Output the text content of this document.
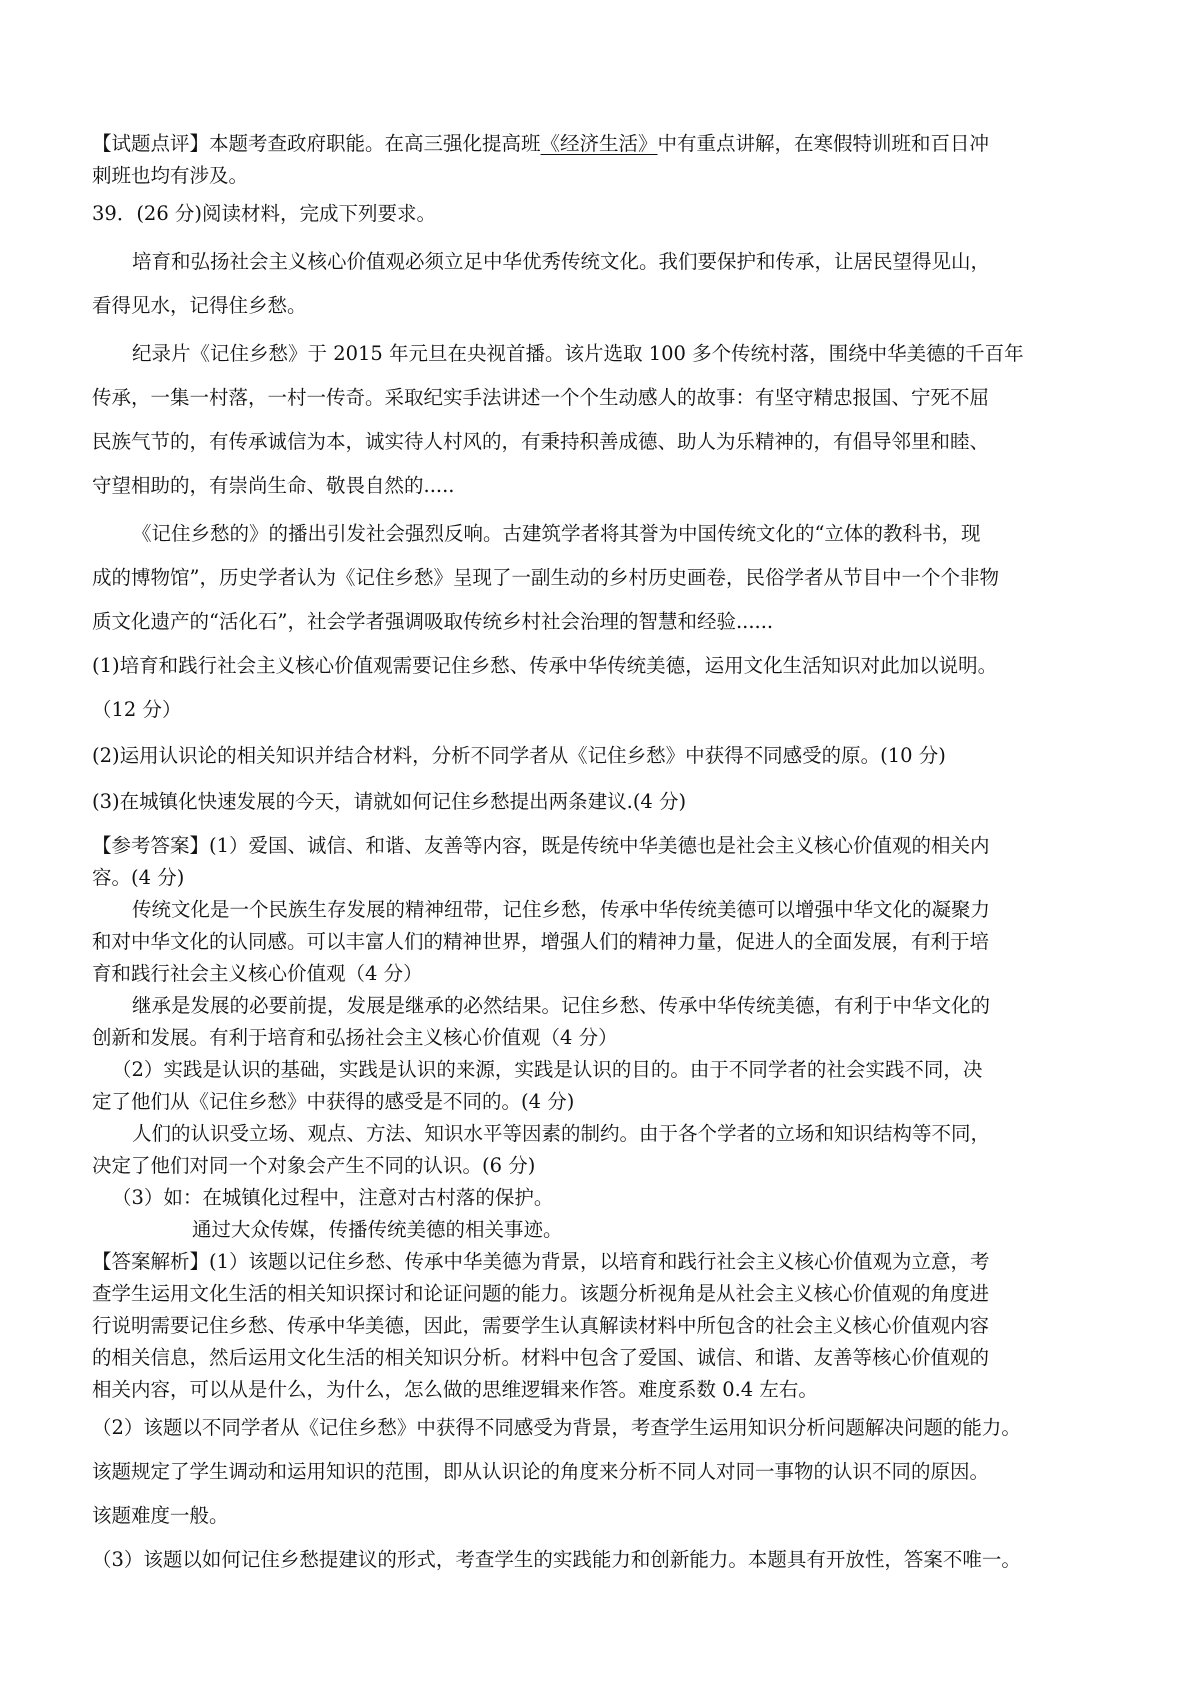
【试题点评】本题考查政府职能。在高三强化提高班《经济生活》中有重点讲解，在寒假特训班和百日冲

刺班也均有涉及。

39．(26 分)阅读材料，完成下列要求。

培育和弘扬社会主义核心价值观必须立足中华优秀传统文化。我们要保护和传承，让居民望得见山，

看得见水，记得住乡愁。

纪录片《记住乡愁》于 2015 年元旦在央视首播。该片选取 100 多个传统村落，围绕中华美德的千百年

传承，一集一村落，一村一传奇。采取纪实手法讲述一个个生动感人的故事：有坚守精忠报国、宁死不屈

民族气节的，有传承诚信为本，诚实待人村风的，有秉持积善成德、助人为乐精神的，有倡导邻里和睦、

守望相助的，有崇尚生命、敬畏自然的.....

《记住乡愁的》的播出引发社会强烈反响。古建筑学者将其誉为中国传统文化的“立体的教科书，现

成的博物馆”，历史学者认为《记住乡愁》呈现了一副生动的乡村历史画卷，民俗学者从节目中一个个非物

质文化遗产的“活化石”，社会学者强调吸取传统乡村社会治理的智慧和经验......

(1)培育和践行社会主义核心价值观需要记住乡愁、传承中华传统美德，运用文化生活知识对此加以说明。

（12 分）

(2)运用认识论的相关知识并结合材料，分析不同学者从《记住乡愁》中获得不同感受的原。(10 分)

(3)在城镇化快速发展的今天，请就如何记住乡愁提出两条建议.(4 分)

【参考答案】(1）爱国、诚信、和谐、友善等内容，既是传统中华美德也是社会主义核心价值观的相关内

容。(4 分)

传统文化是一个民族生存发展的精神纽带，记住乡愁，传承中华传统美德可以增强中华文化的凝聚力

和对中华文化的认同感。可以丰富人们的精神世界，增强人们的精神力量，促进人的全面发展，有利于培

育和践行社会主义核心价值观（4 分）

继承是发展的必要前提，发展是继承的必然结果。记住乡愁、传承中华传统美德，有利于中华文化的

创新和发展。有利于培育和弘扬社会主义核心价值观（4 分）

（2）实践是认识的基础，实践是认识的来源，实践是认识的目的。由于不同学者的社会实践不同，决

定了他们从《记住乡愁》中获得的感受是不同的。(4 分)

人们的认识受立场、观点、方法、知识水平等因素的制约。由于各个学者的立场和知识结构等不同，

决定了他们对同一个对象会产生不同的认识。(6 分)

（3）如：在城镇化过程中，注意对古村落的保护。

通过大众传媒，传播传统美德的相关事迹。

【答案解析】(1）该题以记住乡愁、传承中华美德为背景，以培育和践行社会主义核心价值观为立意，考

查学生运用文化生活的相关知识探讨和论证问题的能力。该题分析视角是从社会主义核心价值观的角度进

行说明需要记住乡愁、传承中华美德，因此，需要学生认真解读材料中所包含的社会主义核心价值观内容

的相关信息，然后运用文化生活的相关知识分析。材料中包含了爱国、诚信、和谐、友善等核心价值观的

相关内容，可以从是什么，为什么，怎么做的思维逻辑来作答。难度系数 0.4 左右。

（2）该题以不同学者从《记住乡愁》中获得不同感受为背景，考查学生运用知识分析问题解决问题的能力。

该题规定了学生调动和运用知识的范围，即从认识论的角度来分析不同人对同一事物的认识不同的原因。

该题难度一般。

（3）该题以如何记住乡愁提建议的形式，考查学生的实践能力和创新能力。本题具有开放性，答案不唯一。
